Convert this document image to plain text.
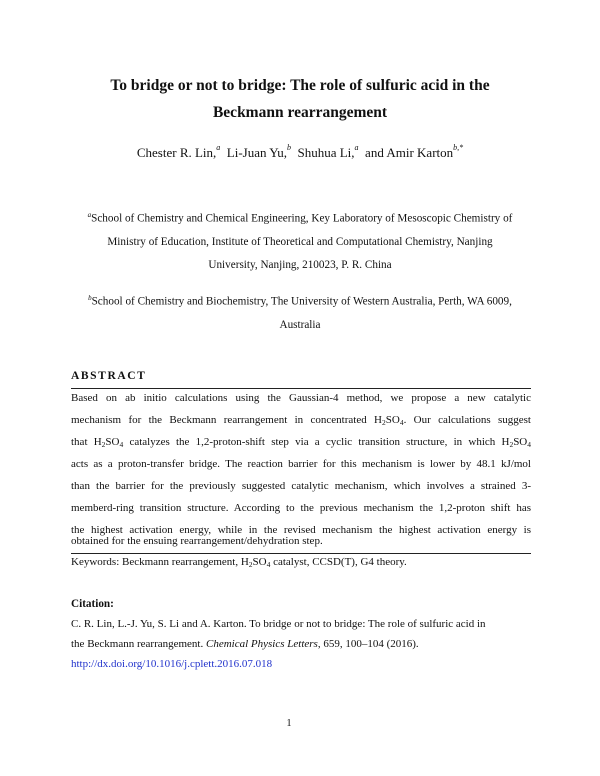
To bridge or not to bridge: The role of sulfuric acid in the
Beckmann rearrangement
Chester R. Lin,$^a$ Li-Juan Yu,$^b$ Shuhua Li,$^a$ and Amir Karton$^{b,*}$
$^a$School of Chemistry and Chemical Engineering, Key Laboratory of Mesoscopic Chemistry of
Ministry of Education, Institute of Theoretical and Computational Chemistry, Nanjing
University, Nanjing, 210023, P. R. China
$^b$School of Chemistry and Biochemistry, The University of Western Australia, Perth, WA 6009,
Australia
ABSTRACT
Based on ab initio calculations using the Gaussian-4 method, we propose a new catalytic
mechanism for the Beckmann rearrangement in concentrated $H_2SO_4$. Our calculations suggest
that $H_2SO_4$ catalyzes the 1,2-proton-shift step via a cyclic transition structure, in which $H_2SO_4$
acts as a proton-transfer bridge. The reaction barrier for this mechanism is lower by 48.1 kJ/mol
than the barrier for the previously suggested catalytic mechanism, which involves a strained 3-
memberd-ring transition structure. According to the previous mechanism the 1,2-proton shift has
the highest activation energy, while in the revised mechanism the highest activation energy is
obtained for the ensuing rearrangement/dehydration step.
Keywords: Beckmann rearrangement, $H_2SO_4$ catalyst, CCSD(T), G4 theory.
Citation:
C. R. Lin, L.-J. Yu, S. Li and A. Karton. To bridge or not to bridge: The role of sulfuric acid in
the Beckmann rearrangement. Chemical Physics Letters, 659, 100–104 (2016).
http://dx.doi.org/10.1016/j.cplett.2016.07.018
1
